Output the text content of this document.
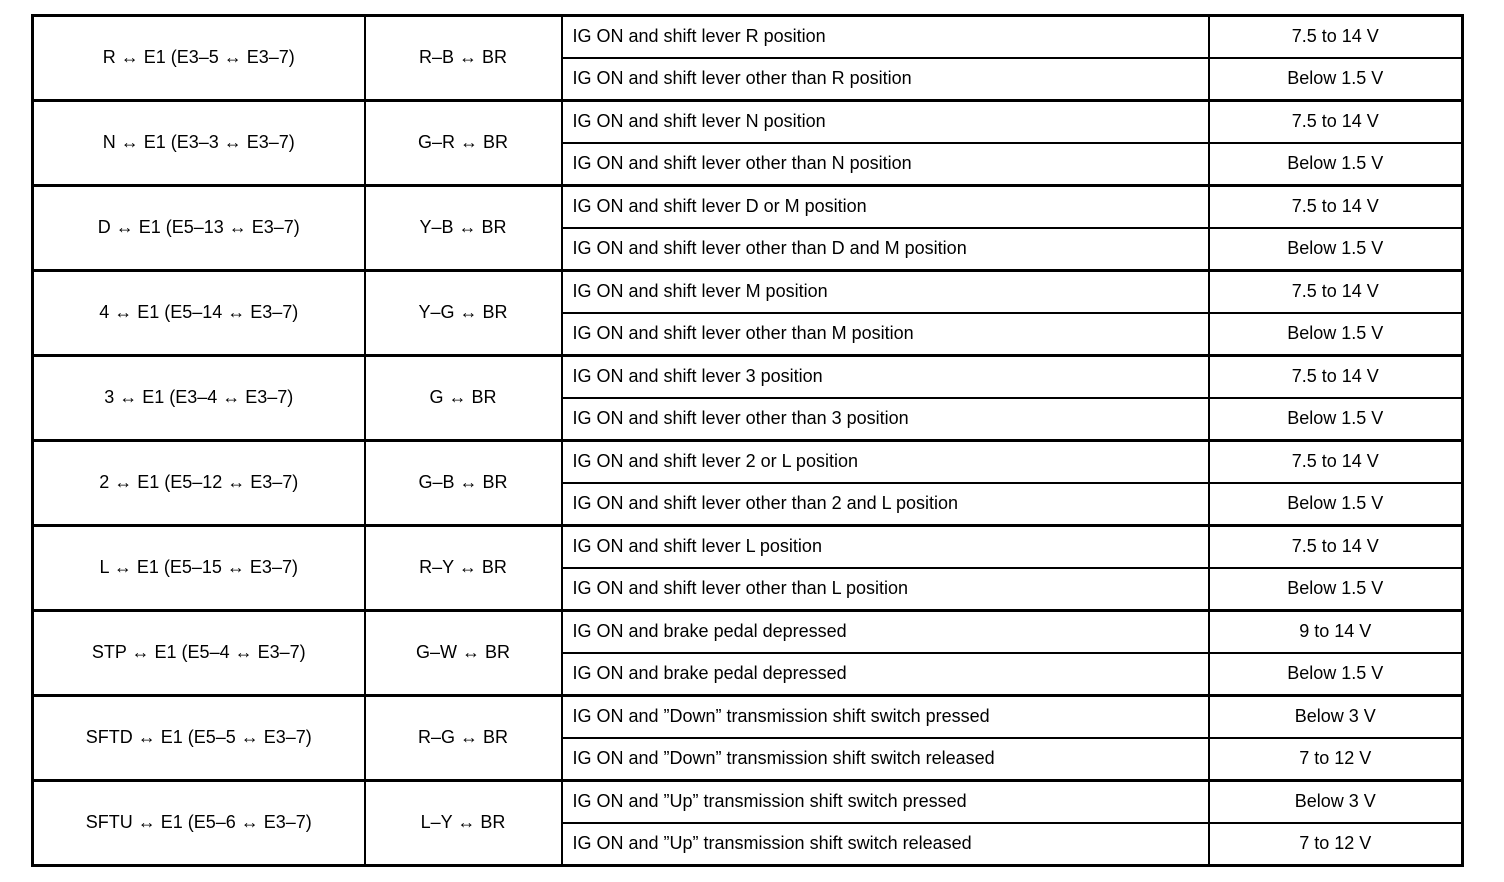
R ↔ E1 (E3–5 ↔ E3–7)	R–B ↔ BR	IG ON and shift lever R position	7.5 to 14 V
		IG ON and shift lever other than R position	Below 1.5 V
N ↔ E1 (E3–3 ↔ E3–7)	G–R ↔ BR	IG ON and shift lever N position	7.5 to 14 V
		IG ON and shift lever other than N position	Below 1.5 V
D ↔ E1 (E5–13 ↔ E3–7)	Y–B ↔ BR	IG ON and shift lever D or M position	7.5 to 14 V
		IG ON and shift lever other than D and M position	Below 1.5 V
4 ↔ E1 (E5–14 ↔ E3–7)	Y–G ↔ BR	IG ON and shift lever M position	7.5 to 14 V
		IG ON and shift lever other than M position	Below 1.5 V
3 ↔ E1 (E3–4 ↔ E3–7)	G ↔ BR	IG ON and shift lever 3 position	7.5 to 14 V
		IG ON and shift lever other than 3 position	Below 1.5 V
2 ↔ E1 (E5–12 ↔ E3–7)	G–B ↔ BR	IG ON and shift lever 2 or L position	7.5 to 14 V
		IG ON and shift lever other than 2 and L position	Below 1.5 V
L ↔ E1 (E5–15 ↔ E3–7)	R–Y ↔ BR	IG ON and shift lever L position	7.5 to 14 V
		IG ON and shift lever other than L position	Below 1.5 V
STP ↔ E1 (E5–4 ↔ E3–7)	G–W ↔ BR	IG ON and brake pedal depressed	9 to 14 V
		IG ON and brake pedal depressed	Below 1.5 V
SFTD ↔ E1 (E5–5 ↔ E3–7)	R–G ↔ BR	IG ON and ”Down” transmission shift switch pressed	Below 3 V
		IG ON and ”Down” transmission shift switch released	7 to 12 V
SFTU ↔ E1 (E5–6 ↔ E3–7)	L–Y ↔ BR	IG ON and ”Up” transmission shift switch pressed	Below 3 V
		IG ON and ”Up” transmission shift switch released	7 to 12 V
